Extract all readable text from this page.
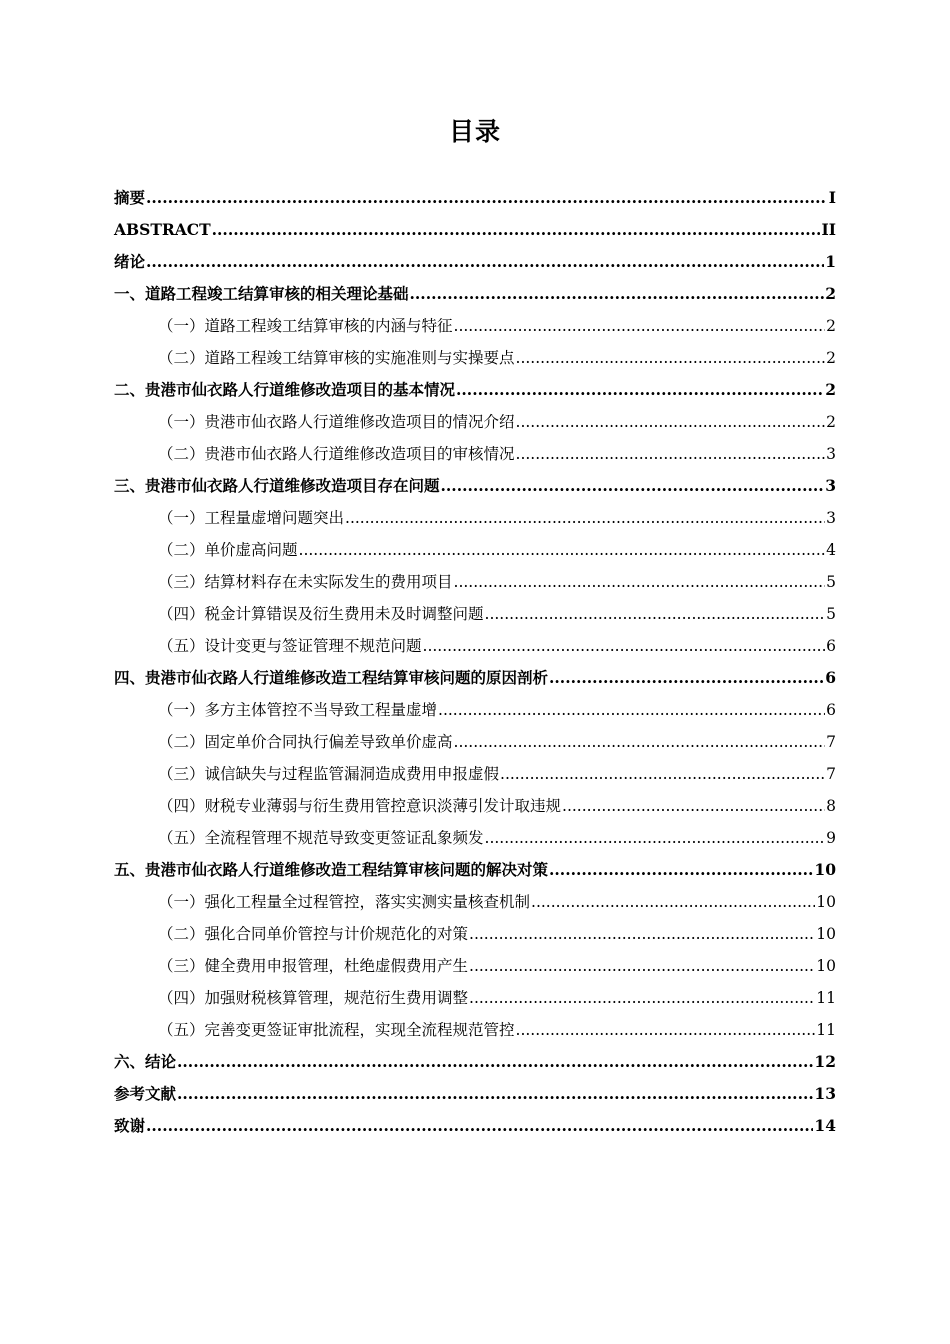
目录
摘要 .....	I
ABSTRACT .....	II
绪论 .....	1
一、道路工程竣工结算审核的相关理论基础 .....	2
（一）道路工程竣工结算审核的内涵与特征 .....	2
（二）道路工程竣工结算审核的实施准则与实操要点 .....	2
二、贵港市仙衣路人行道维修改造项目的基本情况 .....	2
（一）贵港市仙衣路人行道维修改造项目的情况介绍 .....	2
（二）贵港市仙衣路人行道维修改造项目的审核情况 .....	3
三、贵港市仙衣路人行道维修改造项目存在问题 .....	3
（一）工程量虚增问题突出 .....	3
（二）单价虚高问题 .....	4
（三）结算材料存在未实际发生的费用项目 .....	5
（四）税金计算错误及衍生费用未及时调整问题 .....	5
（五）设计变更与签证管理不规范问题 .....	6
四、贵港市仙衣路人行道维修改造工程结算审核问题的原因剖析 .....	6
（一）多方主体管控不当导致工程量虚增 .....	6
（二）固定单价合同执行偏差导致单价虚高 .....	7
（三）诚信缺失与过程监管漏洞造成费用申报虚假 .....	7
（四）财税专业薄弱与衍生费用管控意识淡薄引发计取违规 .....	8
（五）全流程管理不规范导致变更签证乱象频发 .....	9
五、贵港市仙衣路人行道维修改造工程结算审核问题的解决对策 .....	10
（一）强化工程量全过程管控，落实实测实量核查机制 .....	10
（二）强化合同单价管控与计价规范化的对策 .....	10
（三）健全费用申报管理，杜绝虚假费用产生 .....	10
（四）加强财税核算管理，规范衍生费用调整 .....	11
（五）完善变更签证审批流程，实现全流程规范管控 .....	11
六、结论 .....	12
参考文献 .....	13
致谢 .....	14
